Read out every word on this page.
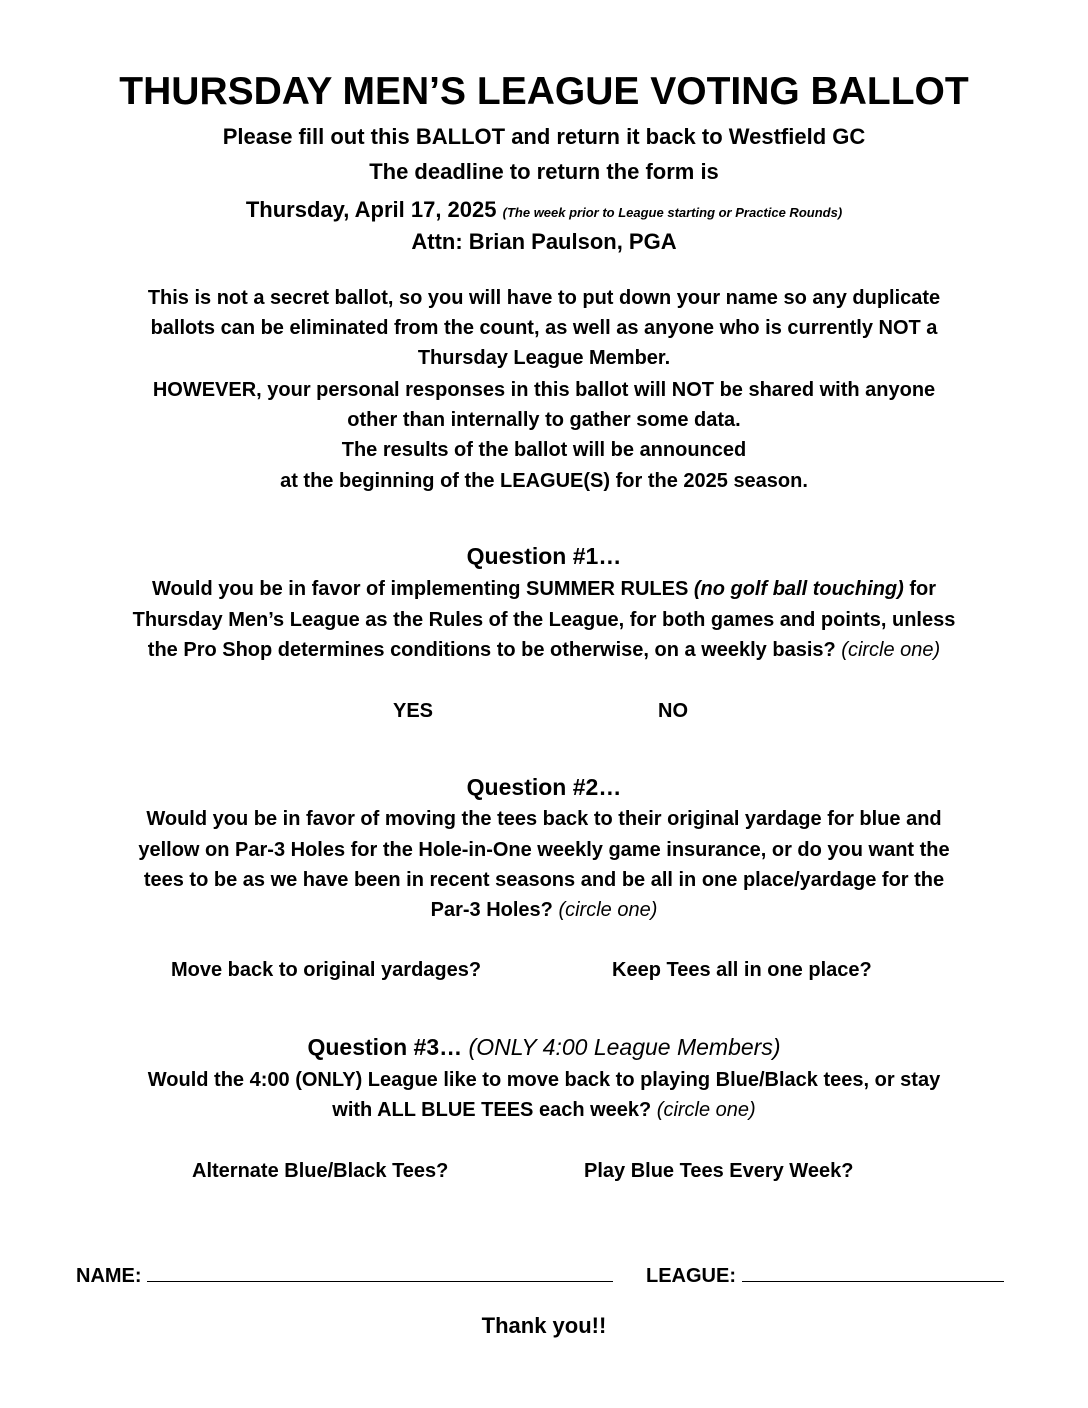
THURSDAY MEN’S LEAGUE VOTING BALLOT
Please fill out this BALLOT and return it back to Westfield GC
The deadline to return the form is
Thursday, April 17, 2025 (The week prior to League starting or Practice Rounds)
Attn: Brian Paulson, PGA
This is not a secret ballot, so you will have to put down your name so any duplicate
ballots can be eliminated from the count, as well as anyone who is currently NOT a
Thursday League Member.
HOWEVER, your personal responses in this ballot will NOT be shared with anyone
other than internally to gather some data.
The results of the ballot will be announced
at the beginning of the LEAGUE(S) for the 2025 season.
Question #1…
Would you be in favor of implementing SUMMER RULES (no golf ball touching) for
Thursday Men’s League as the Rules of the League, for both games and points, unless
the Pro Shop determines conditions to be otherwise, on a weekly basis? (circle one)
YES	NO
Question #2…
Would you be in favor of moving the tees back to their original yardage for blue and
yellow on Par-3 Holes for the Hole-in-One weekly game insurance, or do you want the
tees to be as we have been in recent seasons and be all in one place/yardage for the
Par-3 Holes? (circle one)
Move back to original yardages?	Keep Tees all in one place?
Question #3… (ONLY 4:00 League Members)
Would the 4:00 (ONLY) League like to move back to playing Blue/Black tees, or stay
with ALL BLUE TEES each week? (circle one)
Alternate Blue/Black Tees?	Play Blue Tees Every Week?
NAME:	LEAGUE:
Thank you!!
